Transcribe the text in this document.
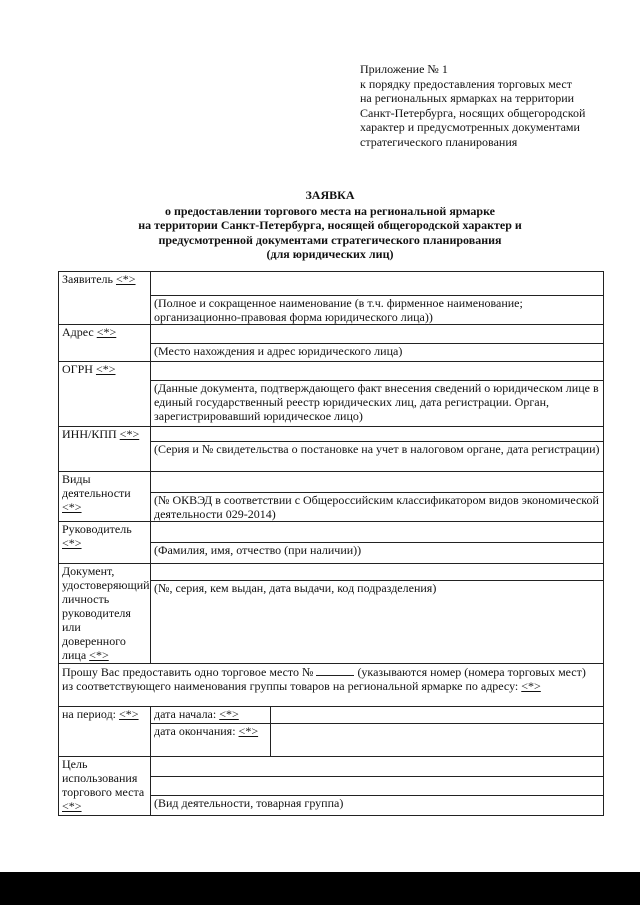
Приложение № 1
к порядку предоставления торговых мест
на региональных ярмарках на территории
Санкт-Петербурга, носящих общегородской
характер и предусмотренных документами
стратегического планирования
ЗАЯВКА
о предоставлении торгового места на региональной ярмарке
на территории Санкт-Петербурга, носящей общегородской характер и
предусмотренной документами стратегического планирования
(для юридических лиц)
Заявитель <*>		
	(Полное и сокращенное наименование (в т.ч. фирменное наименование; организационно-правовая форма юридического лица))	
Адрес <*>		
	(Место нахождения и адрес юридического лица)	
ОГРН <*>		
	(Данные документа, подтверждающего факт внесения сведений о юридическом лице в единый государственный реестр юридических лиц, дата регистрации. Орган, зарегистрировавший юридическое лицо)	
ИНН/КПП <*>		
	(Серия и № свидетельства о постановке на учет в налоговом органе, дата регистрации)	
Виды деятельности <*>		
	(№ ОКВЭД в соответствии с Общероссийским классификатором видов экономической деятельности 029-2014)	
Руководитель <*>		
	(Фамилия, имя, отчество (при наличии))	
Документ, удостоверяющий личность руководителя или доверенного лица <*>		
	(№, серия, кем выдан, дата выдачи, код подразделения)	
Прошу Вас предоставить одно торговое место № (указываются номер (номера торговых мест) из соответствующего наименования группы товаров на региональной ярмарке по адресу: <*>		
на период: <*>	дата начала: <*>	
	дата окончания: <*>	
Цель использования торгового места <*>		

	(Вид деятельности, товарная группа)	
